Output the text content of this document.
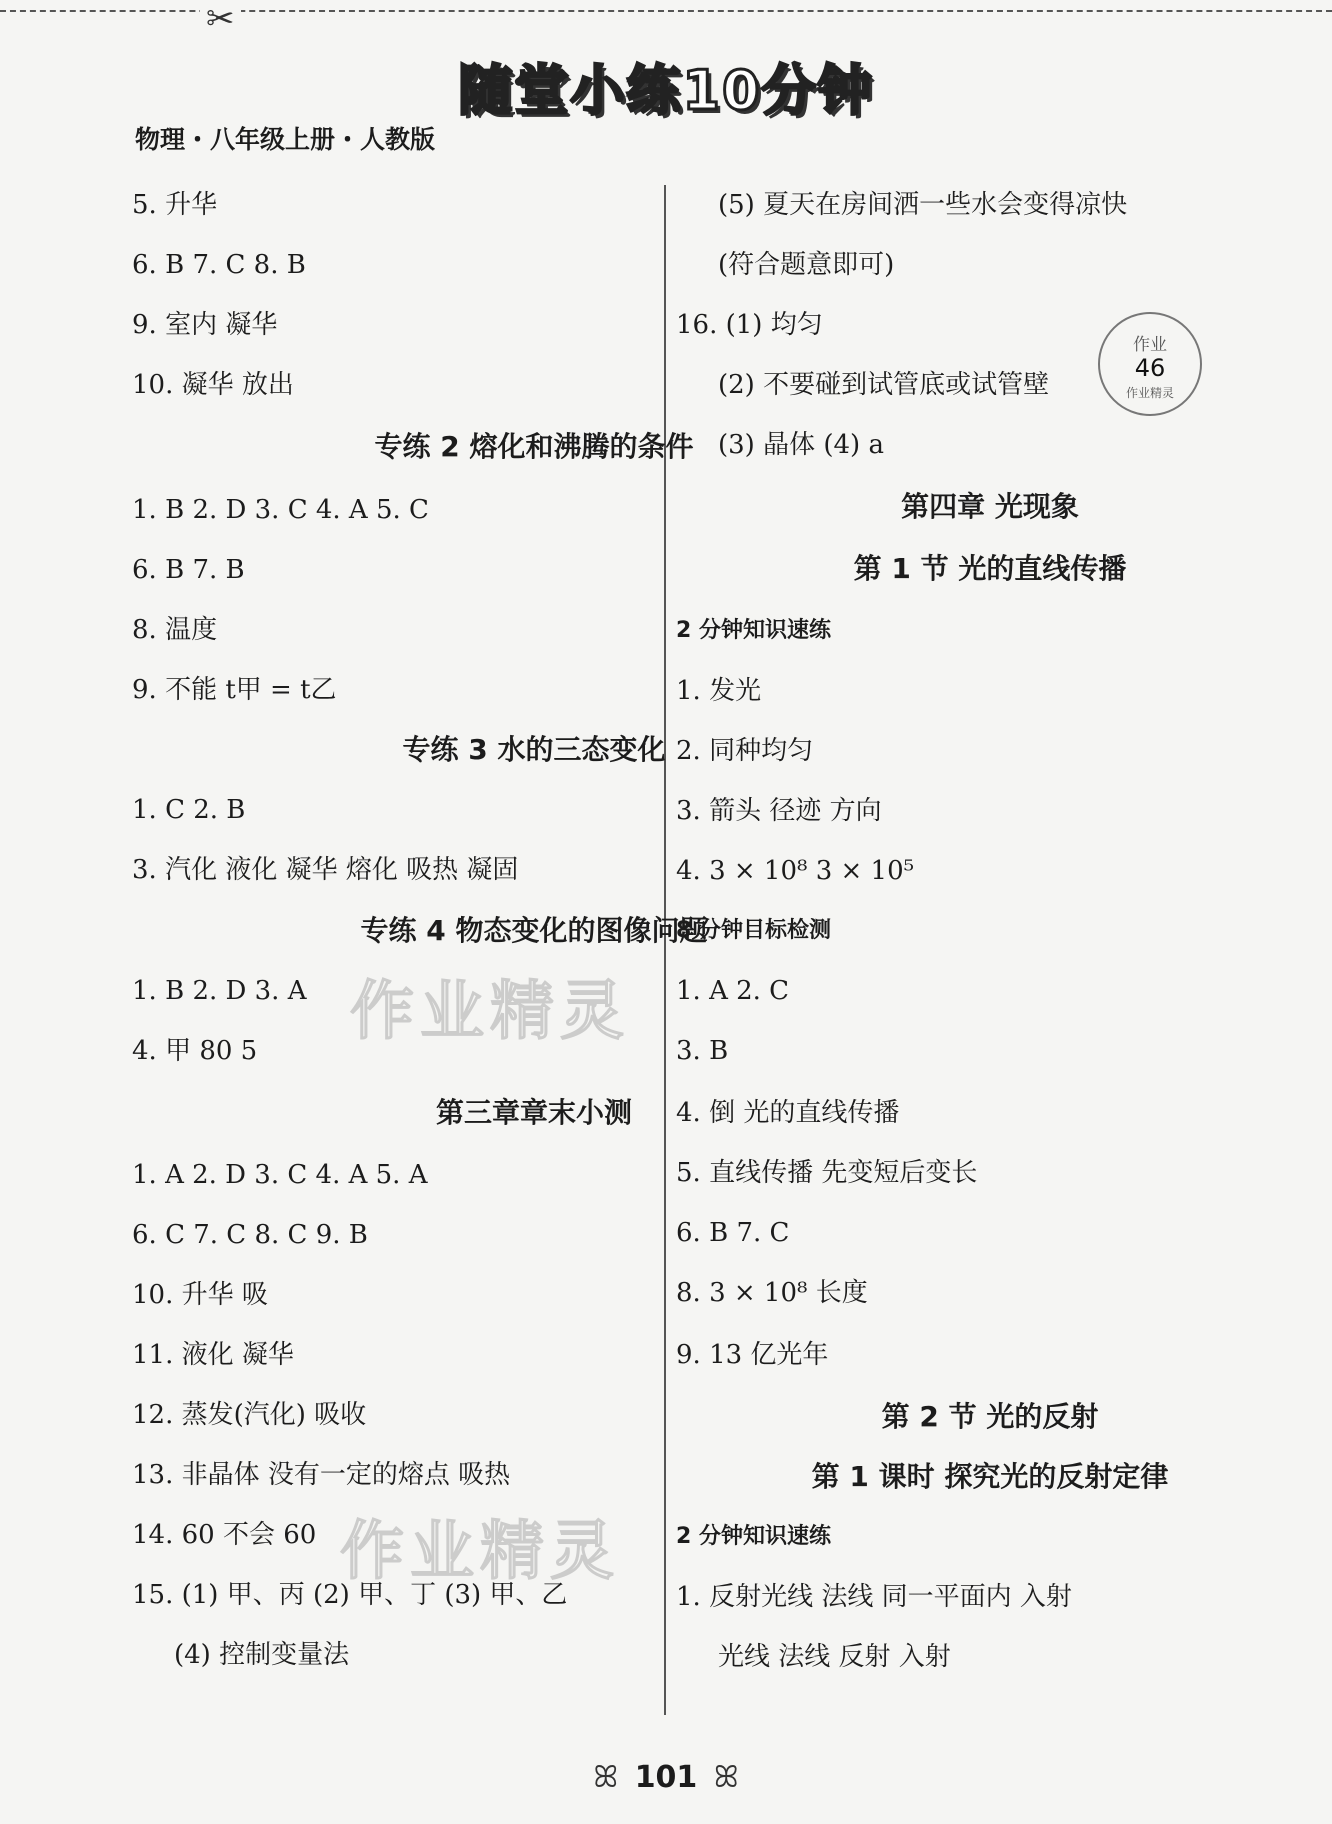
✂
随堂小练10分钟
物理・八年级上册・人教版
5. 升华
6. B 7. C 8. B
9. 室内 凝华
10. 凝华 放出
专练 2 熔化和沸腾的条件
1. B 2. D 3. C 4. A 5. C
6. B 7. B
8. 温度
9. 不能 t甲 = t乙
专练 3 水的三态变化
1. C 2. B
3. 汽化 液化 凝华 熔化 吸热 凝固
专练 4 物态变化的图像问题
1. B 2. D 3. A
4. 甲 80 5
第三章章末小测
1. A 2. D 3. C 4. A 5. A
6. C 7. C 8. C 9. B
10. 升华 吸
11. 液化 凝华
12. 蒸发(汽化) 吸收
13. 非晶体 没有一定的熔点 吸热
14. 60 不会 60
15. (1) 甲、丙 (2) 甲、丁 (3) 甲、乙
(4) 控制变量法
(5) 夏天在房间洒一些水会变得凉快
(符合题意即可)
16. (1) 均匀
(2) 不要碰到试管底或试管壁
(3) 晶体 (4) a
第四章 光现象
第 1 节 光的直线传播
2 分钟知识速练
1. 发光
2. 同种均匀
3. 箭头 径迹 方向
4. 3 × 10⁸ 3 × 10⁵
8 分钟目标检测
1. A 2. C
3. B
4. 倒 光的直线传播
5. 直线传播 先变短后变长
6. B 7. C
8. 3 × 10⁸ 长度
9. 13 亿光年
第 2 节 光的反射
第 1 课时 探究光的反射定律
2 分钟知识速练
1. 反射光线 法线 同一平面内 入射
光线 法线 反射 入射
作业精灵
作业精灵
作业
46
作业精灵
ꕤ 101 ꕤ
